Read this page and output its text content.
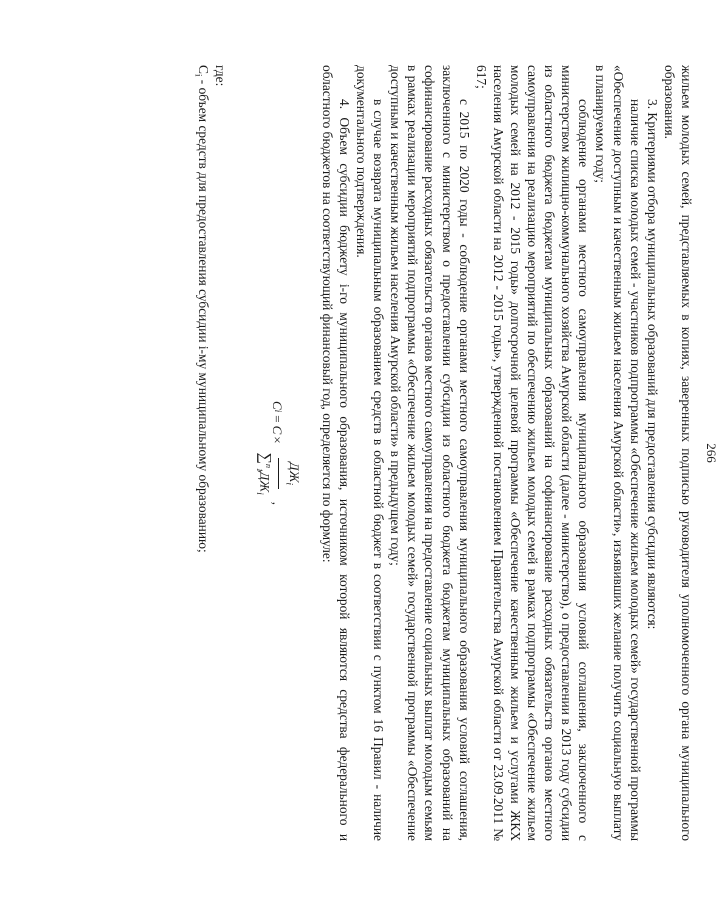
266

жильем молодых семей, представляемых в копиях, заверенных подписью руководителя уполномоченного органа муниципального образования.

3. Критериями отбора муниципальных образований для предоставления субсидии являются:

наличие списка молодых семей - участников подпрограммы «Обеспечение жильем молодых семей» государственной программы «Обеспечение доступным и качественным жильем населения Амурской области», изъявивших желание получить социальную выплату в планируемом году;

соблюдение органами местного самоуправления муниципального образования условий соглашения, заключенного с министерством жилищно-коммунального хозяйства Амурской области (далее - министерство), о предоставлении в 2013 году субсидии из областного бюджета бюджетам муниципальных образований на софинансирование расходных обязательств органов местного самоуправления на реализацию мероприятий по обеспечению жильем молодых семей в рамках подпрограммы «Обеспечение жильем молодых семей на 2012 - 2015 годы» долгосрочной целевой программы «Обеспечение качественным жильем и услугами ЖКХ населения Амурской области на 2012 - 2015 годы», утвержденной постановлением Правительства Амурской области от 23.09.2011 № 617;

с 2015 по 2020 годы - соблюдение органами местного самоуправления муниципального образования условий соглашения, заключенного с министерством о предоставлении субсидии из областного бюджета бюджетам муниципальных образований на софинансирование расходных обязательств органов местного самоуправления на предоставление социальных выплат молодым семьям в рамках реализации мероприятий подпрограммы «Обеспечение жильем молодых семей» государственной программы «Обеспечение доступным и качественным жильем населения Амурской области» в предыдущем году;

в случае возврата муниципальным образованием средств в областной бюджет в соответствии с пунктом 16 Правил - наличие документального подтверждения.

4. Объем субсидии бюджету i-го муниципального образования, источником которой являются средства федерального и областного бюджетов на соответствующий финансовый год, определяется по формуле:

C
i
=
C
×
$ДЖ_i$
$\sum^n_1ДЖ_i$
,

где:

$C_i$ - объем средств для предоставления субсидии i-му муниципальному образованию;
